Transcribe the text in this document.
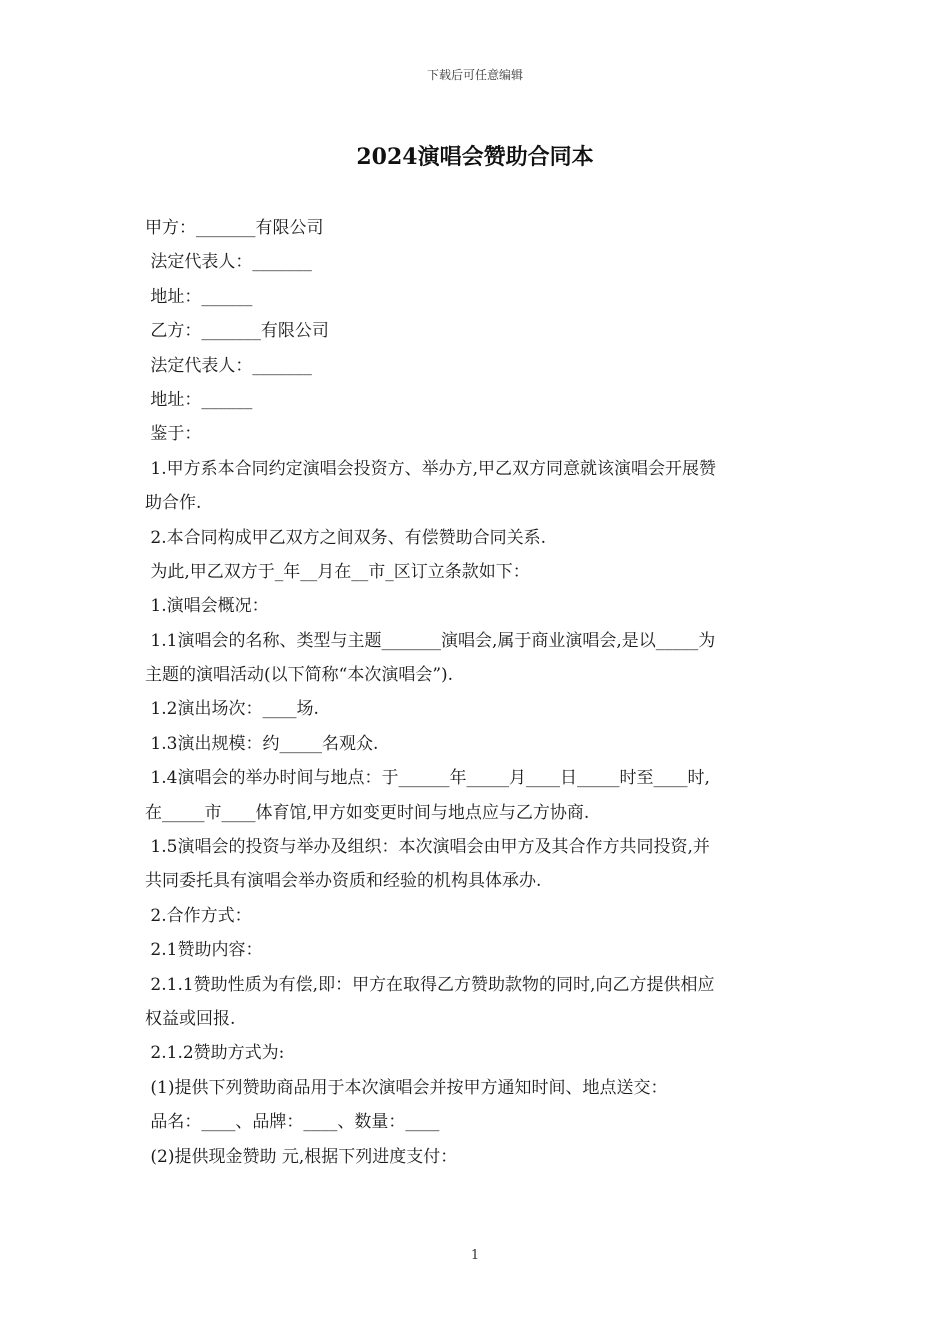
下载后可任意编辑
2024演唱会赞助合同本
甲方：_______有限公司
法定代表人：_______
地址：______
乙方：_______有限公司
法定代表人：_______
地址：______
鉴于：
1.甲方系本合同约定演唱会投资方、举办方,甲乙双方同意就该演唱会开展赞
助合作.
2.本合同构成甲乙双方之间双务、有偿赞助合同关系.
为此,甲乙双方于_年__月在__市_区订立条款如下：
1.演唱会概况：
1.1演唱会的名称、类型与主题_______演唱会,属于商业演唱会,是以_____为
主题的演唱活动(以下简称“本次演唱会”).
1.2演出场次：____场.
1.3演出规模：约_____名观众.
1.4演唱会的举办时间与地点：于______年_____月____日_____时至____时,
在_____市____体育馆,甲方如变更时间与地点应与乙方协商.
1.5演唱会的投资与举办及组织：本次演唱会由甲方及其合作方共同投资,并
共同委托具有演唱会举办资质和经验的机构具体承办.
2.合作方式：
2.1赞助内容：
2.1.1赞助性质为有偿,即：甲方在取得乙方赞助款物的同时,向乙方提供相应
权益或回报.
2.1.2赞助方式为:
(1)提供下列赞助商品用于本次演唱会并按甲方通知时间、地点送交：
品名：____、品牌：____、数量：____
(2)提供现金赞助 元,根据下列进度支付：
1
